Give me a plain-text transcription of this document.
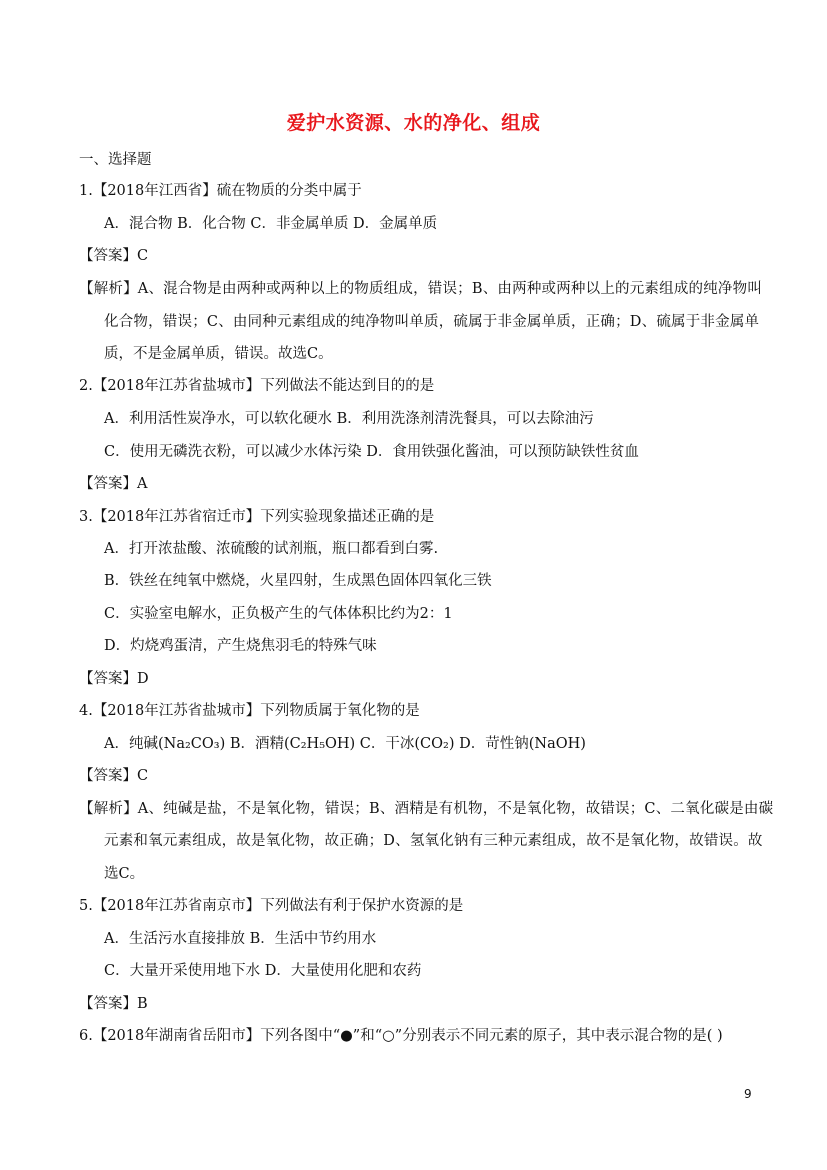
爱护水资源、水的净化、组成
一、选择题
1.【2018年江西省】硫在物质的分类中属于
A．混合物 B．化合物 C．非金属单质 D．金属单质
【答案】C
【解析】A、混合物是由两种或两种以上的物质组成，错误；B、由两种或两种以上的元素组成的纯净物叫
化合物，错误；C、由同种元素组成的纯净物叫单质，硫属于非金属单质，正确；D、硫属于非金属单
质，不是金属单质，错误。故选C。
2.【2018年江苏省盐城市】下列做法不能达到目的的是
A．利用活性炭净水，可以软化硬水 B．利用洗涤剂清洗餐具，可以去除油污
C．使用无磷洗衣粉，可以减少水体污染 D．食用铁强化酱油，可以预防缺铁性贫血
【答案】A
3.【2018年江苏省宿迁市】下列实验现象描述正确的是
A．打开浓盐酸、浓硫酸的试剂瓶，瓶口都看到白雾.
B．铁丝在纯氧中燃烧，火星四射，生成黑色固体四氧化三铁
C．实验室电解水，正负极产生的气体体积比约为2：1
D．灼烧鸡蛋清，产生烧焦羽毛的特殊气味
【答案】D
4.【2018年江苏省盐城市】下列物质属于氧化物的是
A．纯碱(Na₂CO₃) B．酒精(C₂H₅OH) C．干冰(CO₂) D．苛性钠(NaOH)
【答案】C
【解析】A、纯碱是盐，不是氧化物，错误；B、酒精是有机物，不是氧化物，故错误；C、二氧化碳是由碳
元素和氧元素组成，故是氧化物，故正确；D、氢氧化钠有三种元素组成，故不是氧化物，故错误。故
选C。
5.【2018年江苏省南京市】下列做法有利于保护水资源的是
A．生活污水直接排放 B．生活中节约用水
C．大量开采使用地下水 D．大量使用化肥和农药
【答案】B
6.【2018年湖南省岳阳市】下列各图中“●”和“○”分别表示不同元素的原子，其中表示混合物的是( )
9
